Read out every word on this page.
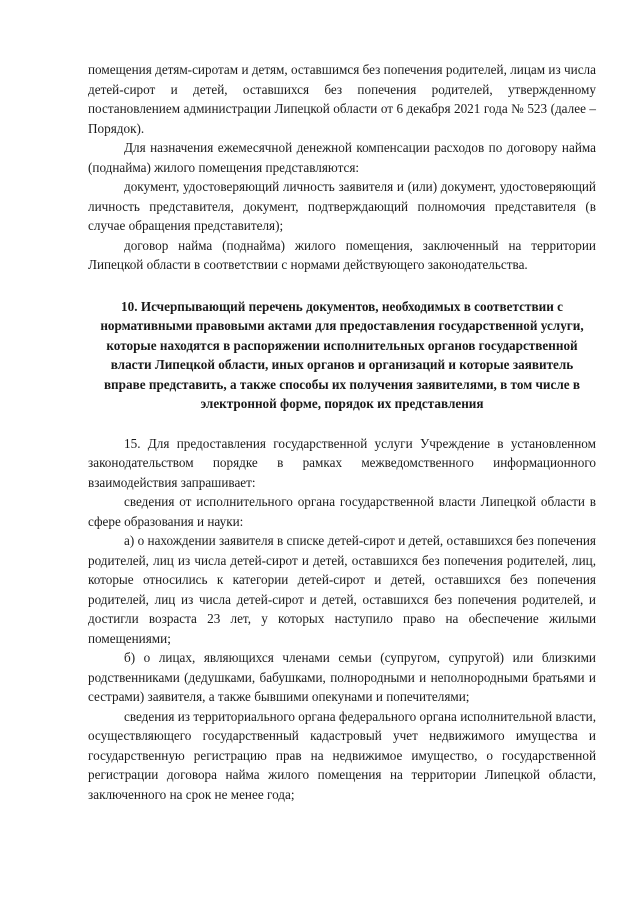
помещения детям-сиротам и детям, оставшимся без попечения родителей, лицам из числа детей-сирот и детей, оставшихся без попечения родителей, утвержденному постановлением администрации Липецкой области от 6 декабря 2021 года № 523 (далее – Порядок).

Для назначения ежемесячной денежной компенсации расходов по договору найма (поднайма) жилого помещения представляются:

документ, удостоверяющий личность заявителя и (или) документ, удостоверяющий личность представителя, документ, подтверждающий полномочия представителя (в случае обращения представителя);

договор найма (поднайма) жилого помещения, заключенный на территории Липецкой области в соответствии с нормами действующего законодательства.

10. Исчерпывающий перечень документов, необходимых в соответствии с нормативными правовыми актами для предоставления государственной услуги, которые находятся в распоряжении исполнительных органов государственной власти Липецкой области, иных органов и организаций и которые заявитель вправе представить, а также способы их получения заявителями, в том числе в электронной форме, порядок их представления

15. Для предоставления государственной услуги Учреждение в установленном законодательством порядке в рамках межведомственного информационного взаимодействия запрашивает:

сведения от исполнительного органа государственной власти Липецкой области в сфере образования и науки:

а) о нахождении заявителя в списке детей-сирот и детей, оставшихся без попечения родителей, лиц из числа детей-сирот и детей, оставшихся без попечения родителей, лиц, которые относились к категории детей-сирот и детей, оставшихся без попечения родителей, лиц из числа детей-сирот и детей, оставшихся без попечения родителей, и достигли возраста 23 лет, у которых наступило право на обеспечение жилыми помещениями;

б) о лицах, являющихся членами семьи (супругом, супругой) или близкими родственниками (дедушками, бабушками, полнородными и неполнородными братьями и сестрами) заявителя, а также бывшими опекунами и попечителями;

сведения из территориального органа федерального органа исполнительной власти, осуществляющего государственный кадастровый учет недвижимого имущества и государственную регистрацию прав на недвижимое имущество, о государственной регистрации договора найма жилого помещения на территории Липецкой области, заключенного на срок не менее года;
